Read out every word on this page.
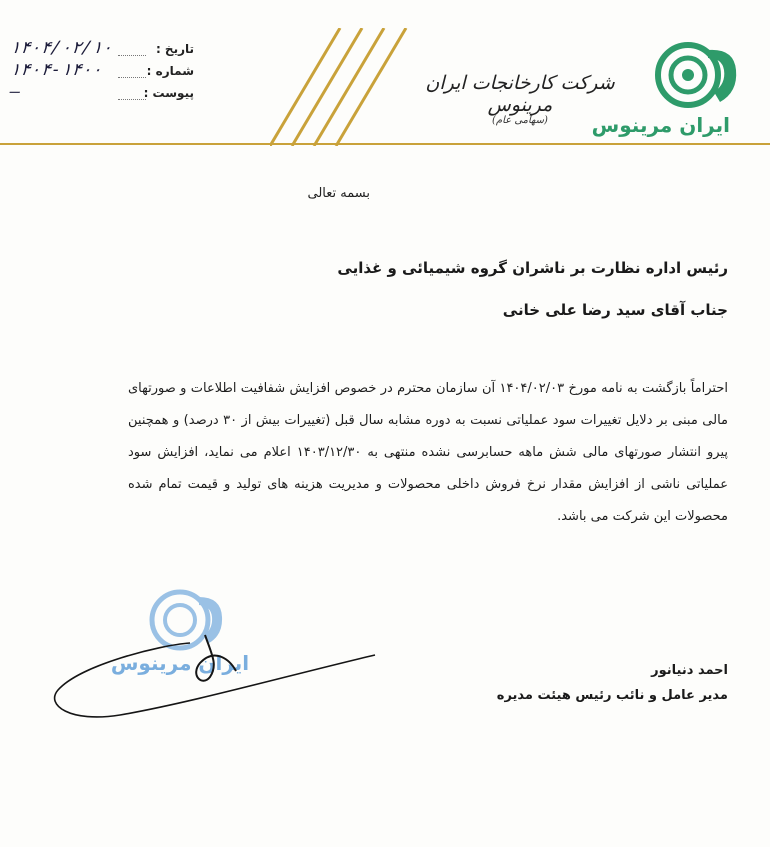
ایران مرینوس
شرکت کارخانجات ایران مرینوس
(سهامی عام)
تاریخ :
۱۴۰۴/۰۲/۱۰
شماره :
۱۴۰۴-۱۴۰۰
پیوست :
—
بسمه تعالی
رئیس اداره نظارت بر ناشران گروه شیمیائی و غذایی
جناب آقای سید رضا علی خانی
احتراماً بازگشت به نامه مورخ ۱۴۰۴/۰۲/۰۳ آن سازمان محترم در خصوص افزایش شفافیت اطلاعات و صورتهای مالی مبنی بر دلایل تغییرات سود عملیاتی نسبت به دوره مشابه سال قبل (تغییرات بیش از ۳۰ درصد) و همچنین پیرو انتشار صورتهای مالی شش ماهه حسابرسی نشده منتهی به ۱۴۰۳/۱۲/۳۰ اعلام می نماید، افزایش سود عملیاتی ناشی از افزایش مقدار نرخ فروش داخلی محصولات و مدیریت هزینه های تولید و قیمت تمام شده محصولات این شرکت می باشد.
ایران مرینوس	احمد دنیانور
مدیر عامل و نائب رئیس هیئت مدیره
